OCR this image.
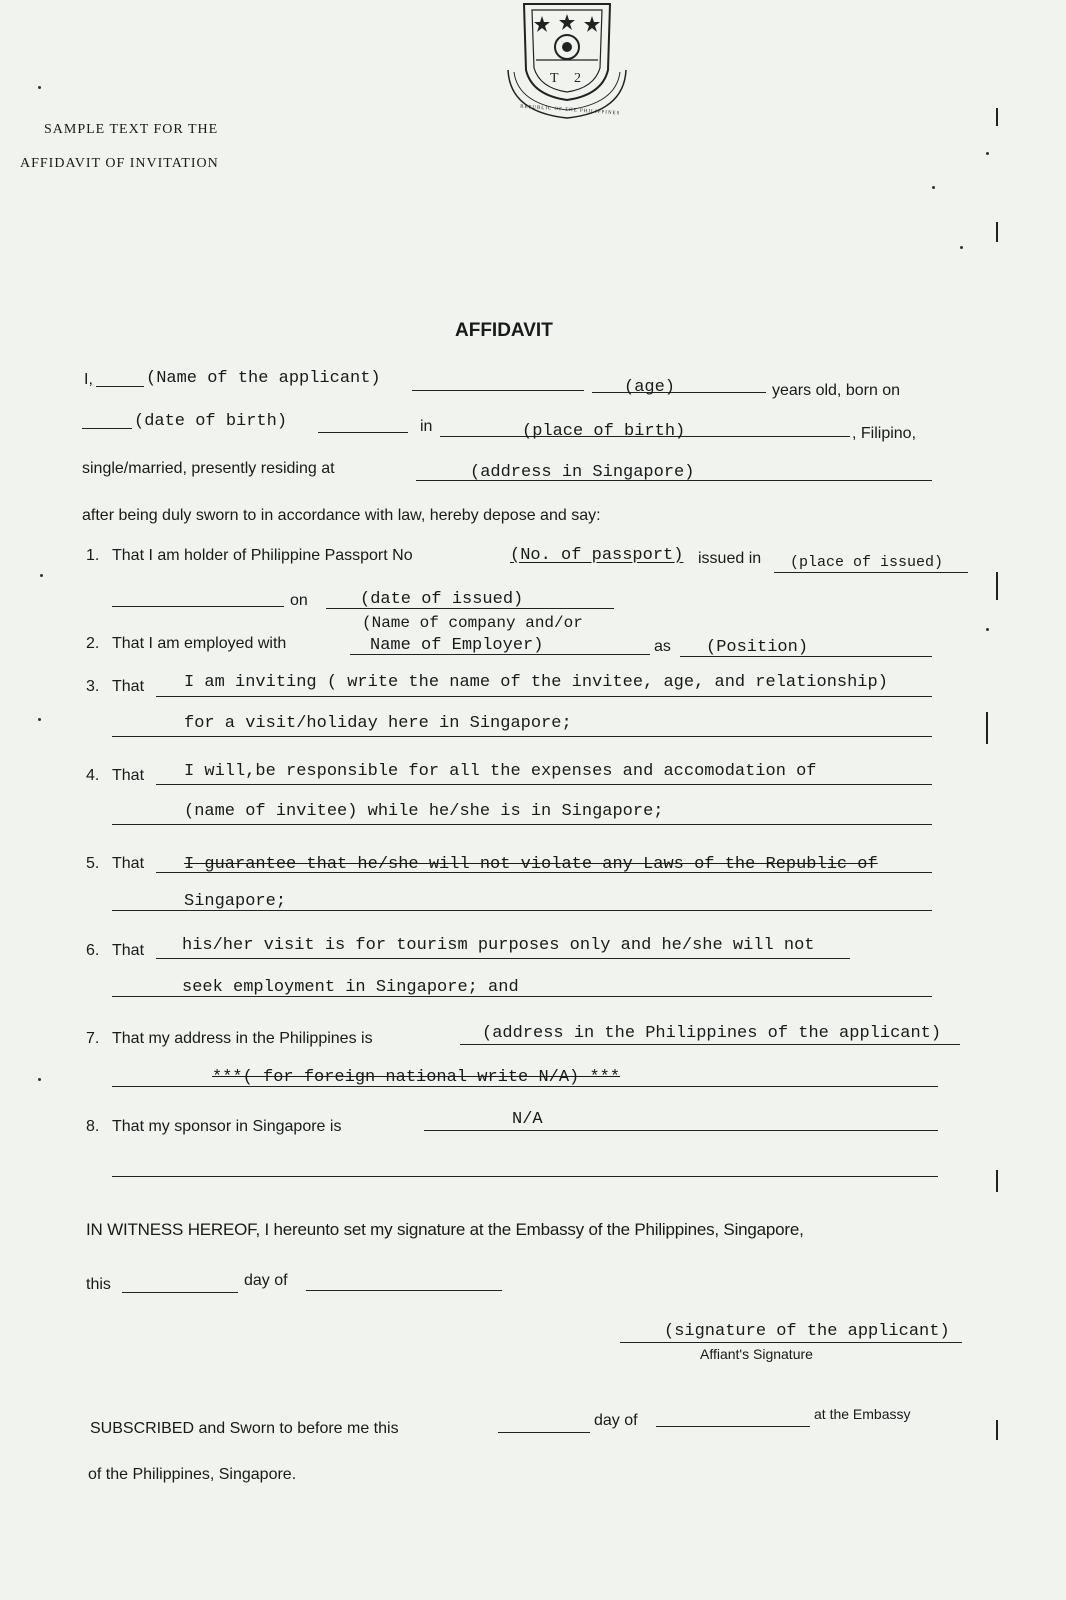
T 2
REPUBLIC OF THE PHILIPPINES
SAMPLE TEXT FOR THE
AFFIDAVIT OF INVITATION
AFFIDAVIT
I,	(Name of the applicant)	(age)	years old, born on
(date of birth)	in	(place of birth)	, Filipino,
single/married, presently residing at	(address in Singapore)
after being duly sworn to in accordance with law, hereby depose and say:
1. That I am holder of Philippine Passport No	(No. of passport) issued in (place of issued)
on	(date of issued)
(Name of company and/or
2. That I am employed with	Name of Employer)	as (Position)
3. That I am inviting ( write the name of the invitee, age, and relationship)
for a visit/holiday here in Singapore;
4. That I will,be responsible for all the expenses and accomodation of
(name of invitee) while he/she is in Singapore;
5. That I guarantee that he/she will not violate any Laws of the Republic of
Singapore;
6. That his/her visit is for tourism purposes only and he/she will not
seek employment in Singapore; and
7. That my address in the Philippines is	(address in the Philippines of the applicant)
***( for foreign national write N/A) ***
8. That my sponsor in Singapore is	N/A
IN WITNESS HEREOF, I hereunto set my signature at the Embassy of the Philippines, Singapore,
this	day of
(signature of the applicant)
Affiant's Signature
SUBSCRIBED and Sworn to before me this	day of	at the Embassy
of the Philippines, Singapore.
